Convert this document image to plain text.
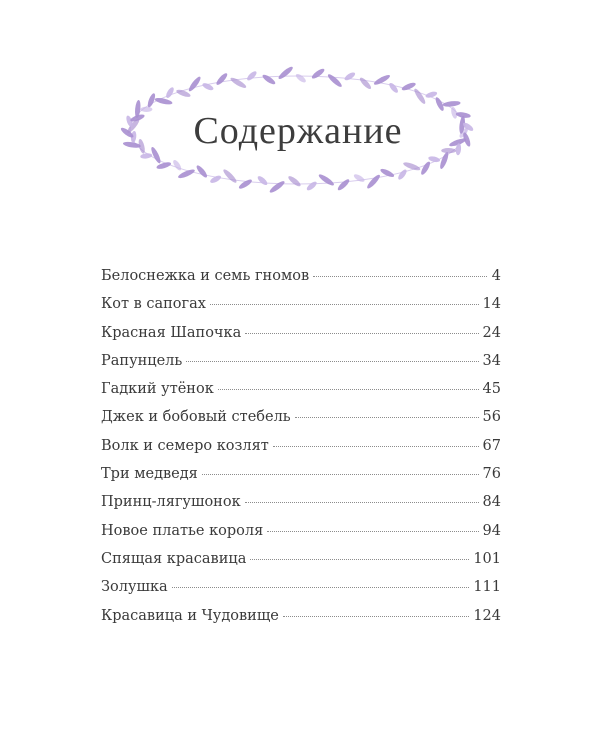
Содержание
Белоснежка и семь гномов	4
Кот в сапогах	14
Красная Шапочка	24
Рапунцель	34
Гадкий утёнок	45
Джек и бобовый стебель	56
Волк и семеро козлят	67
Три медведя	76
Принц-лягушонок	84
Новое платье короля	94
Спящая красавица	101
Золушка	111
Красавица и Чудовище	124
